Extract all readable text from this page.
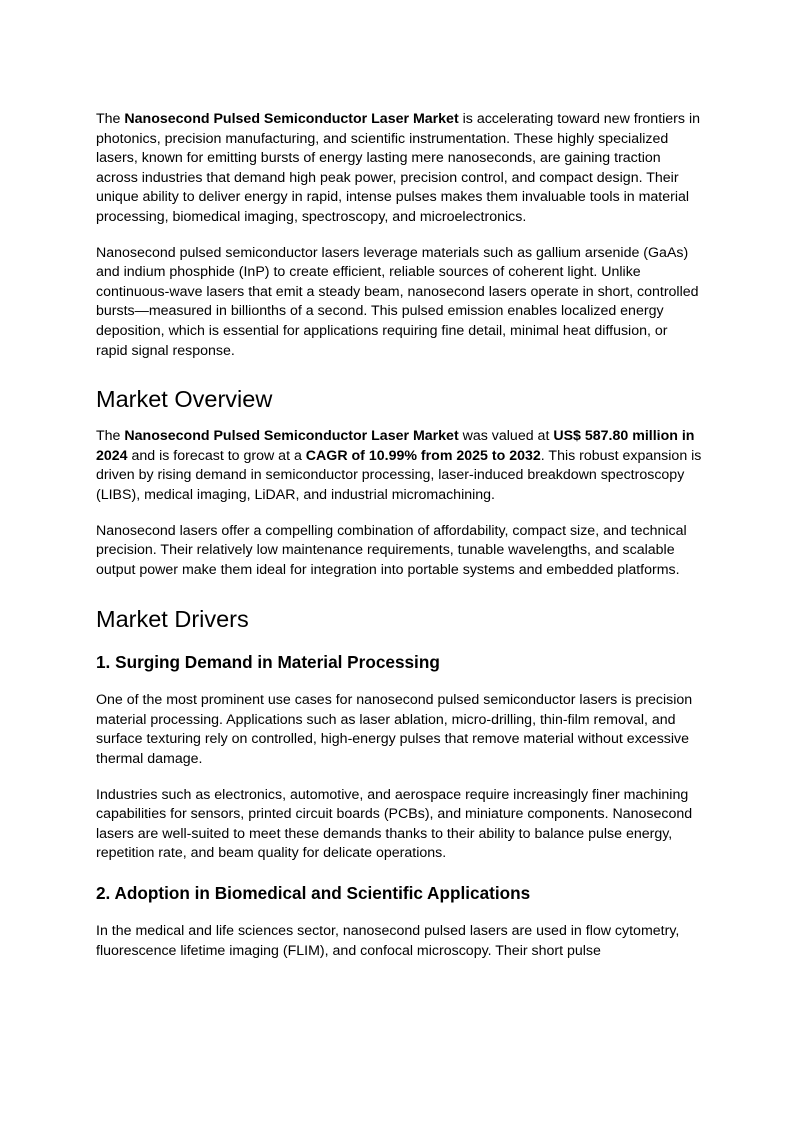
The Nanosecond Pulsed Semiconductor Laser Market is accelerating toward new frontiers in photonics, precision manufacturing, and scientific instrumentation. These highly specialized lasers, known for emitting bursts of energy lasting mere nanoseconds, are gaining traction across industries that demand high peak power, precision control, and compact design. Their unique ability to deliver energy in rapid, intense pulses makes them invaluable tools in material processing, biomedical imaging, spectroscopy, and microelectronics.

Nanosecond pulsed semiconductor lasers leverage materials such as gallium arsenide (GaAs) and indium phosphide (InP) to create efficient, reliable sources of coherent light. Unlike continuous-wave lasers that emit a steady beam, nanosecond lasers operate in short, controlled bursts—measured in billionths of a second. This pulsed emission enables localized energy deposition, which is essential for applications requiring fine detail, minimal heat diffusion, or rapid signal response.

Market Overview

The Nanosecond Pulsed Semiconductor Laser Market was valued at US$ 587.80 million in 2024 and is forecast to grow at a CAGR of 10.99% from 2025 to 2032. This robust expansion is driven by rising demand in semiconductor processing, laser-induced breakdown spectroscopy (LIBS), medical imaging, LiDAR, and industrial micromachining.

Nanosecond lasers offer a compelling combination of affordability, compact size, and technical precision. Their relatively low maintenance requirements, tunable wavelengths, and scalable output power make them ideal for integration into portable systems and embedded platforms.

Market Drivers
1. Surging Demand in Material Processing

One of the most prominent use cases for nanosecond pulsed semiconductor lasers is precision material processing. Applications such as laser ablation, micro-drilling, thin-film removal, and surface texturing rely on controlled, high-energy pulses that remove material without excessive thermal damage.

Industries such as electronics, automotive, and aerospace require increasingly finer machining capabilities for sensors, printed circuit boards (PCBs), and miniature components. Nanosecond lasers are well-suited to meet these demands thanks to their ability to balance pulse energy, repetition rate, and beam quality for delicate operations.

2. Adoption in Biomedical and Scientific Applications

In the medical and life sciences sector, nanosecond pulsed lasers are used in flow cytometry, fluorescence lifetime imaging (FLIM), and confocal microscopy. Their short pulse
